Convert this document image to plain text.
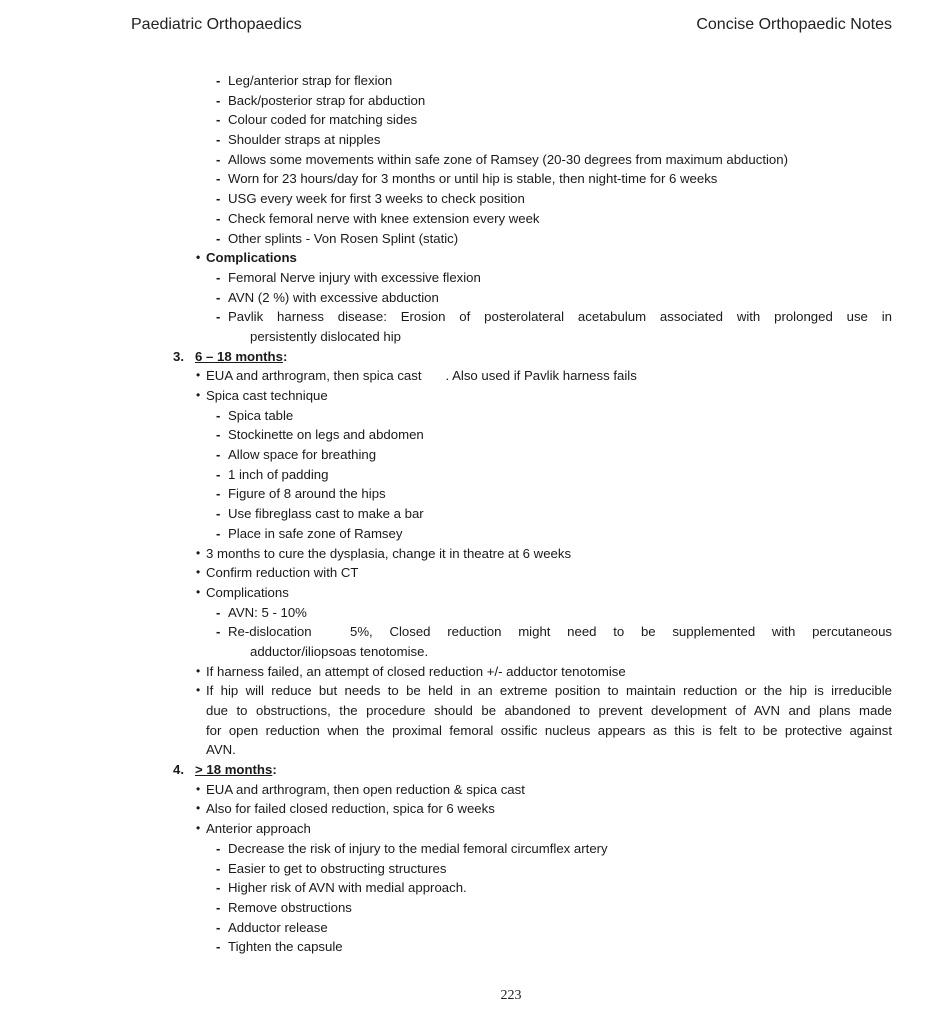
Paediatric Orthopaedics	Concise Orthopaedic Notes
- Leg/anterior strap for flexion
- Back/posterior strap for abduction
- Colour coded for matching sides
- Shoulder straps at nipples
- Allows some movements within safe zone of Ramsey (20-30 degrees from maximum abduction)
- Worn for 23 hours/day for 3 months or until hip is stable, then night-time for 6 weeks
- USG every week for first 3 weeks to check position
- Check femoral nerve with knee extension every week
- Other splints - Von Rosen Splint (static)
• Complications
- Femoral Nerve injury with excessive flexion
- AVN (2 %) with excessive abduction
- Pavlik harness disease: Erosion of posterolateral acetabulum associated with prolonged use in
persistently dislocated hip
3. 6 – 18 months:
• EUA and arthrogram, then spica cast . Also used if Pavlik harness fails
• Spica cast technique
- Spica table
- Stockinette on legs and abdomen
- Allow space for breathing
- 1 inch of padding
- Figure of 8 around the hips
- Use fibreglass cast to make a bar
- Place in safe zone of Ramsey
• 3 months to cure the dysplasia, change it in theatre at 6 weeks
• Confirm reduction with CT
• Complications
- AVN: 5 - 10%
- Re-dislocation	5%, Closed reduction might need to be supplemented with percutaneous
adductor/iliopsoas tenotomise.
• If harness failed, an attempt of closed reduction +/- adductor tenotomise
• If hip will reduce but needs to be held in an extreme position to maintain reduction or the hip is irreducible
due to obstructions, the procedure should be abandoned to prevent development of AVN and plans made
for open reduction when the proximal femoral ossific nucleus appears as this is felt to be protective against
AVN.
4. > 18 months:
• EUA and arthrogram, then open reduction & spica cast
• Also for failed closed reduction, spica for 6 weeks
• Anterior approach
- Decrease the risk of injury to the medial femoral circumflex artery
- Easier to get to obstructing structures
- Higher risk of AVN with medial approach.
- Remove obstructions
- Adductor release
- Tighten the capsule
223
